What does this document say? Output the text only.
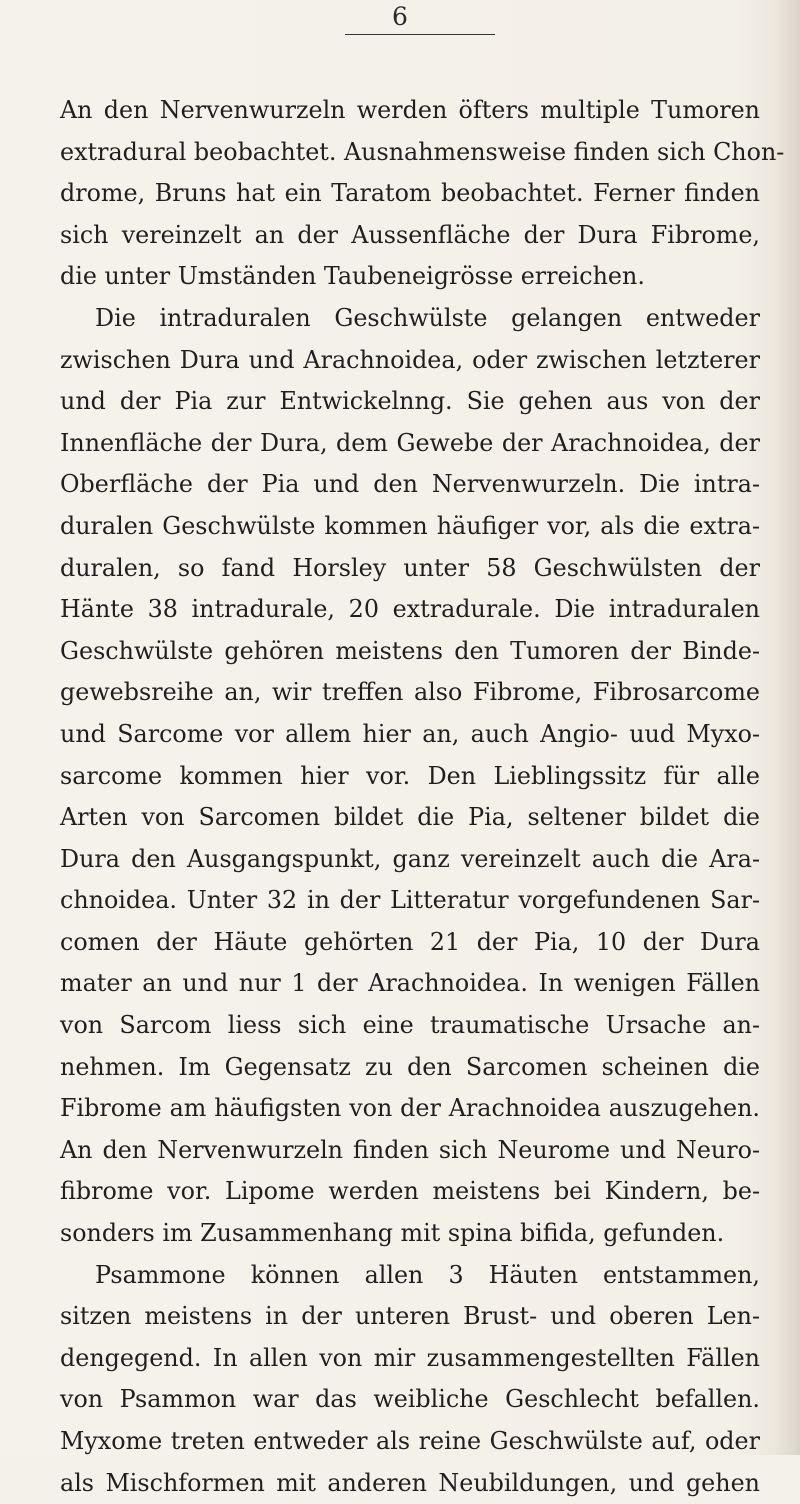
6
An den Nervenwurzeln werden öfters multiple Tumoren
extradural beobachtet. Ausnahmensweise finden sich Chon-
drome, Bruns hat ein Taratom beobachtet. Ferner finden
sich vereinzelt an der Aussenfläche der Dura Fibrome,
die unter Umständen Taubeneigrösse erreichen.
Die intraduralen Geschwülste gelangen entweder
zwischen Dura und Arachnoidea, oder zwischen letzterer
und der Pia zur Entwickelnng. Sie gehen aus von der
Innenfläche der Dura, dem Gewebe der Arachnoidea, der
Oberfläche der Pia und den Nervenwurzeln. Die intra-
duralen Geschwülste kommen häufiger vor, als die extra-
duralen, so fand Horsley unter 58 Geschwülsten der
Hänte 38 intradurale, 20 extradurale. Die intraduralen
Geschwülste gehören meistens den Tumoren der Binde-
gewebsreihe an, wir treffen also Fibrome, Fibrosarcome
und Sarcome vor allem hier an, auch Angio- uud Myxo-
sarcome kommen hier vor. Den Lieblingssitz für alle
Arten von Sarcomen bildet die Pia, seltener bildet die
Dura den Ausgangspunkt, ganz vereinzelt auch die Ara-
chnoidea. Unter 32 in der Litteratur vorgefundenen Sar-
comen der Häute gehörten 21 der Pia, 10 der Dura
mater an und nur 1 der Arachnoidea. In wenigen Fällen
von Sarcom liess sich eine traumatische Ursache an-
nehmen. Im Gegensatz zu den Sarcomen scheinen die
Fibrome am häufigsten von der Arachnoidea auszugehen.
An den Nervenwurzeln finden sich Neurome und Neuro-
fibrome vor. Lipome werden meistens bei Kindern, be-
sonders im Zusammenhang mit spina bifida, gefunden.
Psammone können allen 3 Häuten entstammen,
sitzen meistens in der unteren Brust- und oberen Len-
dengegend. In allen von mir zusammengestellten Fällen
von Psammon war das weibliche Geschlecht befallen.
Myxome treten entweder als reine Geschwülste auf, oder
als Mischformen mit anderen Neubildungen, und gehen
